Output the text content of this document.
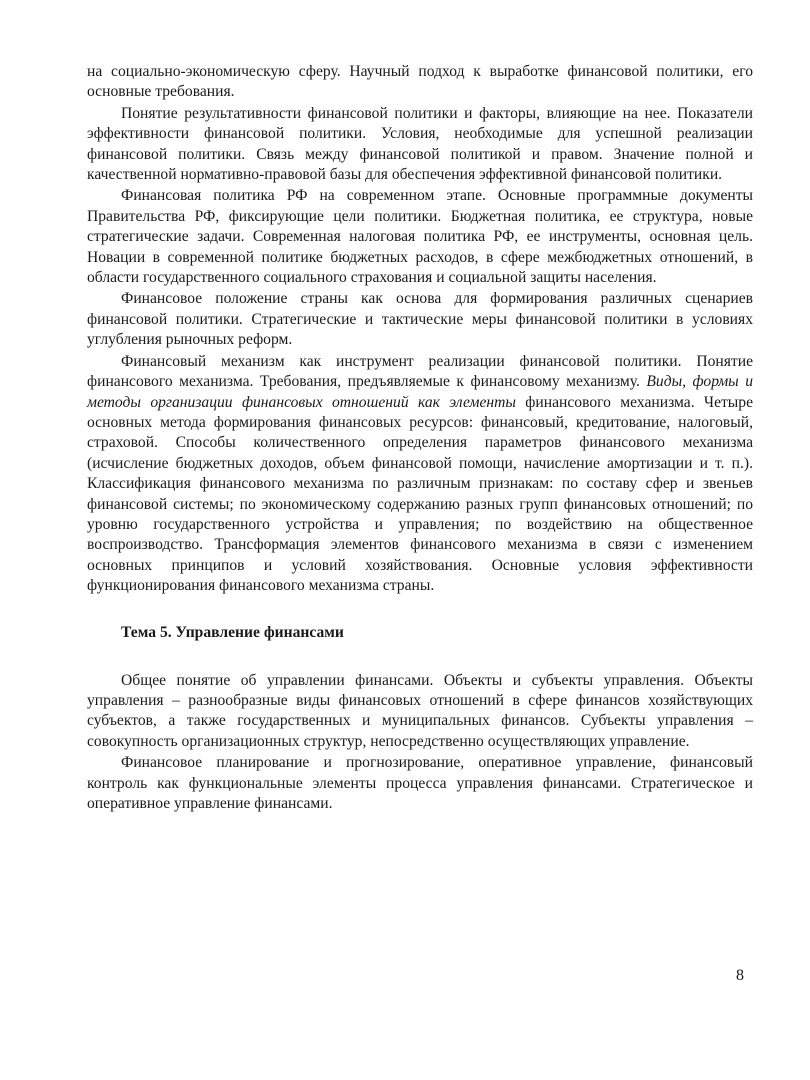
на социально-экономическую сферу. Научный подход к выработке финансовой политики, его основные требования.

Понятие результативности финансовой политики и факторы, влияющие на нее. Показатели эффективности финансовой политики. Условия, необходимые для успешной реализации финансовой политики. Связь между финансовой политикой и правом. Значение полной и качественной нормативно-правовой базы для обеспечения эффективной финансовой политики.

Финансовая политика РФ на современном этапе. Основные программные документы Правительства РФ, фиксирующие цели политики. Бюджетная политика, ее структура, новые стратегические задачи. Современная налоговая политика РФ, ее инструменты, основная цель. Новации в современной политике бюджетных расходов, в сфере межбюджетных отношений, в области государственного социального страхования и социальной защиты населения.

Финансовое положение страны как основа для формирования различных сценариев финансовой политики. Стратегические и тактические меры финансовой политики в условиях углубления рыночных реформ.

Финансовый механизм как инструмент реализации финансовой политики. Понятие финансового механизма. Требования, предъявляемые к финансовому механизму. Виды, формы и методы организации финансовых отношений как элементы финансового механизма. Четыре основных метода формирования финансовых ресурсов: финансовый, кредитование, налоговый, страховой. Способы количественного определения параметров финансового механизма (исчисление бюджетных доходов, объем финансовой помощи, начисление амортизации и т. п.). Классификация финансового механизма по различным признакам: по составу сфер и звеньев финансовой системы; по экономическому содержанию разных групп финансовых отношений; по уровню государственного устройства и управления; по воздействию на общественное воспроизводство. Трансформация элементов финансового механизма в связи с изменением основных принципов и условий хозяйствования. Основные условия эффективности функционирования финансового механизма страны.

Тема 5. Управление финансами

Общее понятие об управлении финансами. Объекты и субъекты управления. Объекты управления – разнообразные виды финансовых отношений в сфере финансов хозяйствующих субъектов, а также государственных и муниципальных финансов. Субъекты управления – совокупность организационных структур, непосредственно осуществляющих управление.

Финансовое планирование и прогнозирование, оперативное управление, финансовый контроль как функциональные элементы процесса управления финансами. Стратегическое и оперативное управление финансами.

8
